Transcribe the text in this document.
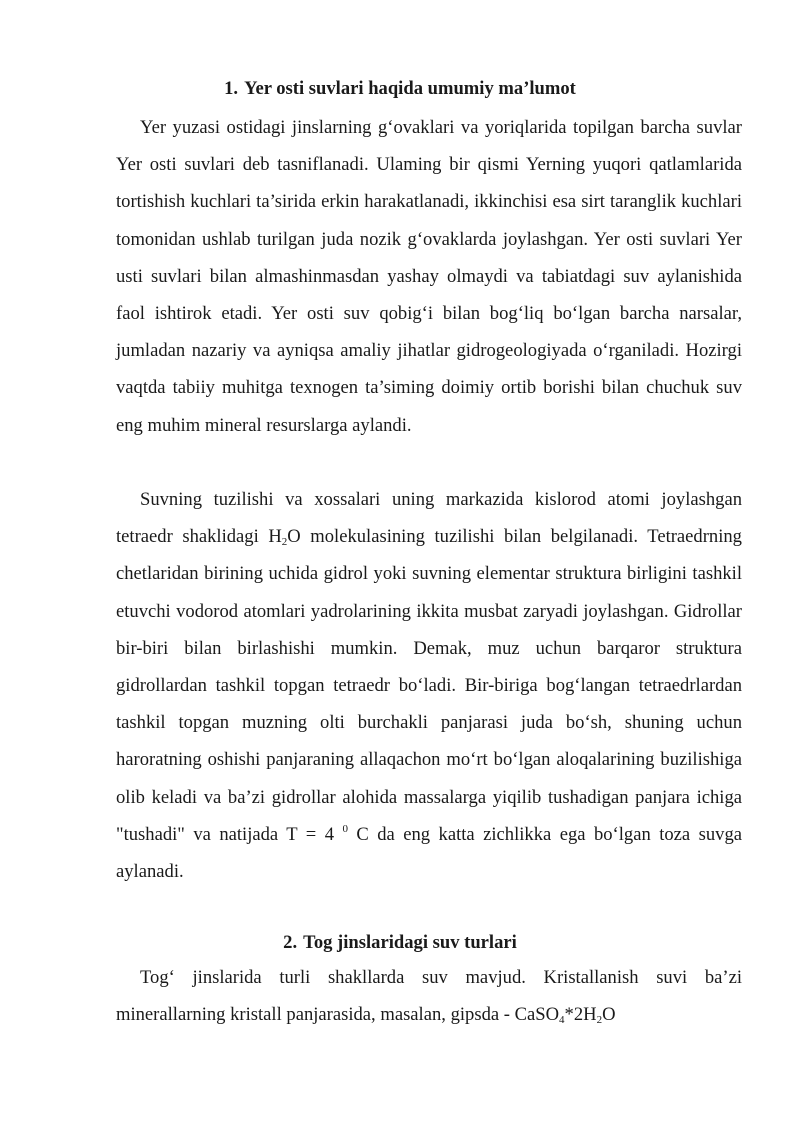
1. Yer osti suvlari haqida umumiy ma’lumot

Yer yuzasi ostidagi jinslarning g‘ovaklari va yoriqlarida topilgan barcha suvlar Yer osti suvlari deb tasniflanadi. Ulaming bir qismi Yerning yuqori qatlamlarida tortishish kuchlari ta’sirida erkin harakatlanadi, ikkinchisi esa sirt taranglik kuchlari tomonidan ushlab turilgan juda nozik g‘ovaklarda joylashgan. Yer osti suvlari Yer usti suvlari bilan almashinmasdan yashay olmaydi va tabiatdagi suv aylanishida faol ishtirok etadi. Yer osti suv qobig‘i bilan bog‘liq bo‘lgan barcha narsalar, jumladan nazariy va ayniqsa amaliy jihatlar gidrogeologiyada o‘rganiladi. Hozirgi vaqtda tabiiy muhitga texnogen ta’siming doimiy ortib borishi bilan chuchuk suv eng muhim mineral resurslarga aylandi.

Suvning tuzilishi va xossalari uning markazida kislorod atomi joylashgan tetraedr shaklidagi $H_2O$ molekulasining tuzilishi bilan belgilanadi. Tetraedrning chetlaridan birining uchida gidrol yoki suvning elementar struktura birligini tashkil etuvchi vodorod atomlari yadrolarining ikkita musbat zaryadi joylashgan. Gidrollar bir-biri bilan birlashishi mumkin. Demak, muz uchun barqaror struktura gidrollardan tashkil topgan tetraedr bo‘ladi. Bir-biriga bog‘langan tetraedrlardan tashkil topgan muzning olti burchakli panjarasi juda bo‘sh, shuning uchun haroratning oshishi panjaraning allaqachon mo‘rt bo‘lgan aloqalarining buzilishiga olib keladi va ba’zi gidrollar alohida massalarga yiqilib tushadigan panjara ichiga "tushadi" va natijada T = 4 $^0$ C da eng katta zichlikka ega bo‘lgan toza suvga aylanadi.

2. Tog jinslaridagi suv turlari

Tog‘ jinslarida turli shakllarda suv mavjud. Kristallanish suvi ba’zi minerallarning kristall panjarasida, masalan, gipsda - $CaSO_4*2H_2O$
